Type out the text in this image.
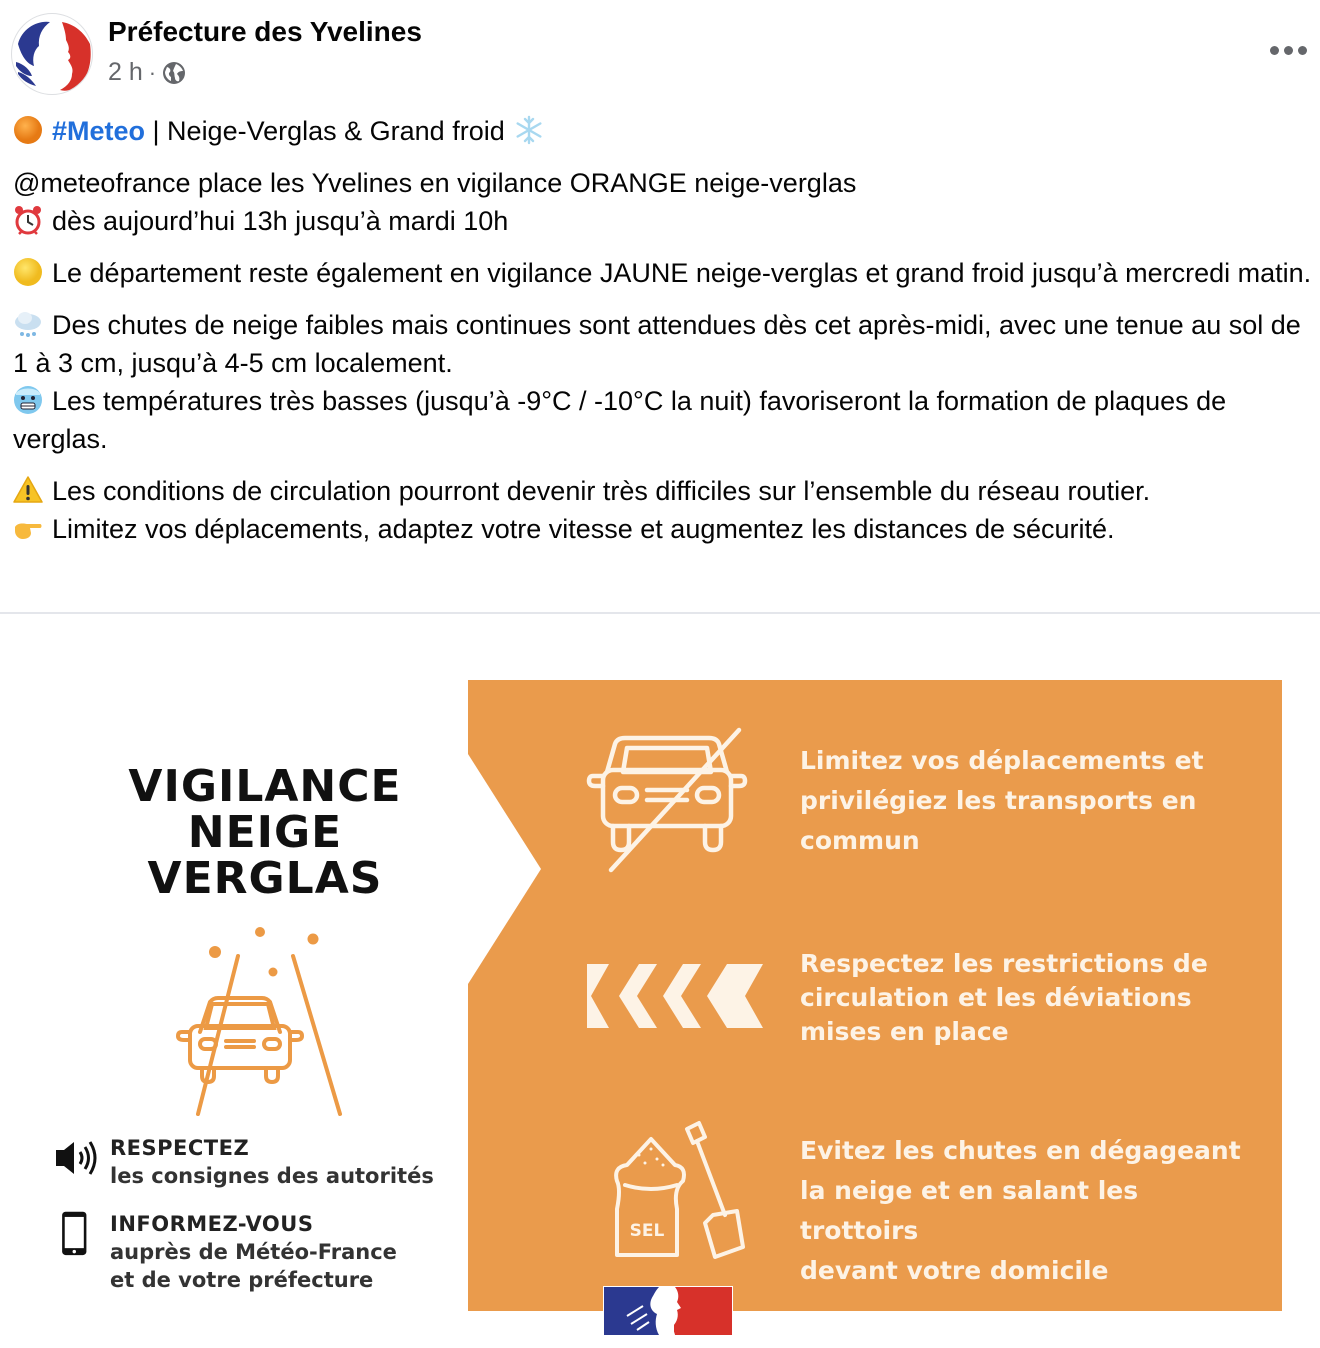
Préfecture des Yvelines
2 h ·

#Meteo | Neige-Verglas & Grand froid

@meteofrance place les Yvelines en vigilance ORANGE neige-verglas

dès aujourd’hui 13h jusqu’à mardi 10h

Le département reste également en vigilance JAUNE neige-verglas et grand froid jusqu’à mercredi matin.

Des chutes de neige faibles mais continues sont attendues dès cet après-midi, avec une tenue au sol de 1 à 3 cm, jusqu’à 4-5 cm localement.

Les températures très basses (jusqu’à -9°C / -10°C la nuit) favoriseront la formation de plaques de verglas.

Les conditions de circulation pourront devenir très difficiles sur l’ensemble du réseau routier.

Limitez vos déplacements, adaptez votre vitesse et augmentez les distances de sécurité.

VIGILANCE
NEIGE
VERGLAS
RESPECTEZ
les consignes des autorités
INFORMEZ-VOUS
auprès de Météo-France
et de votre préfecture
Limitez vos déplacements et
privilégiez les transports en
commun
Respectez les restrictions de
circulation et les déviations
mises en place
SEL
Evitez les chutes en dégageant
la neige et en salant les trottoirs
devant votre domicile
